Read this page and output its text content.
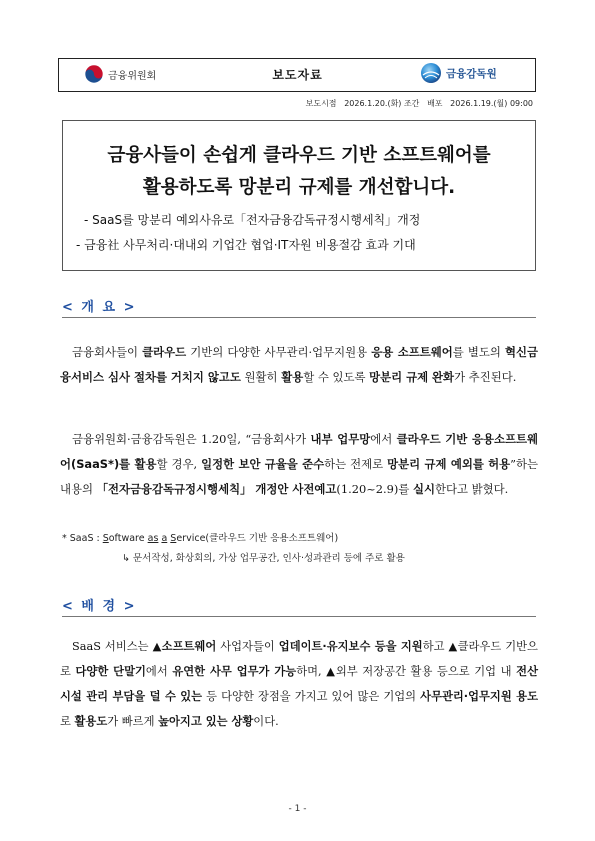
금융위원회	보도자료	금융감독원
보도시점 2026.1.20.(화) 조간 배포 2026.1.19.(월) 09:00
금융사들이 손쉽게 클라우드 기반 소프트웨어를
활용하도록 망분리 규제를 개선합니다.
- SaaS를 망분리 예외사유로「전자금융감독규정시행세칙」개정
- 금융社 사무처리·대내외 기업간 협업·IT자원 비용절감 효과 기대
< 개 요 >
금융회사들이 클라우드 기반의 다양한 사무관리·업무지원용 응용 소프트웨어를 별도의 혁신금융서비스 심사 절차를 거치지 않고도 원활히 활용할 수 있도록 망분리 규제 완화가 추진된다.
금융위원회·금융감독원은 1.20일, “금융회사가 내부 업무망에서 클라우드 기반 응용소프트웨어(SaaS*)를 활용할 경우, 일정한 보안 규율을 준수하는 전제로 망분리 규제 예외를 허용”하는 내용의 「전자금융감독규정시행세칙」 개정안 사전예고(1.20~2.9)를 실시한다고 밝혔다.
* SaaS : Software as a Service(클라우드 기반 응용소프트웨어)
↳ 문서작성, 화상회의, 가상 업무공간, 인사·성과관리 등에 주로 활용
< 배 경 >
SaaS 서비스는 ▲소프트웨어 사업자들이 업데이트·유지보수 등을 지원하고 ▲클라우드 기반으로 다양한 단말기에서 유연한 사무 업무가 가능하며, ▲외부 저장공간 활용 등으로 기업 내 전산 시설 관리 부담을 덜 수 있는 등 다양한 장점을 가지고 있어 많은 기업의 사무관리·업무지원 용도로 활용도가 빠르게 높아지고 있는 상황이다.
- 1 -
